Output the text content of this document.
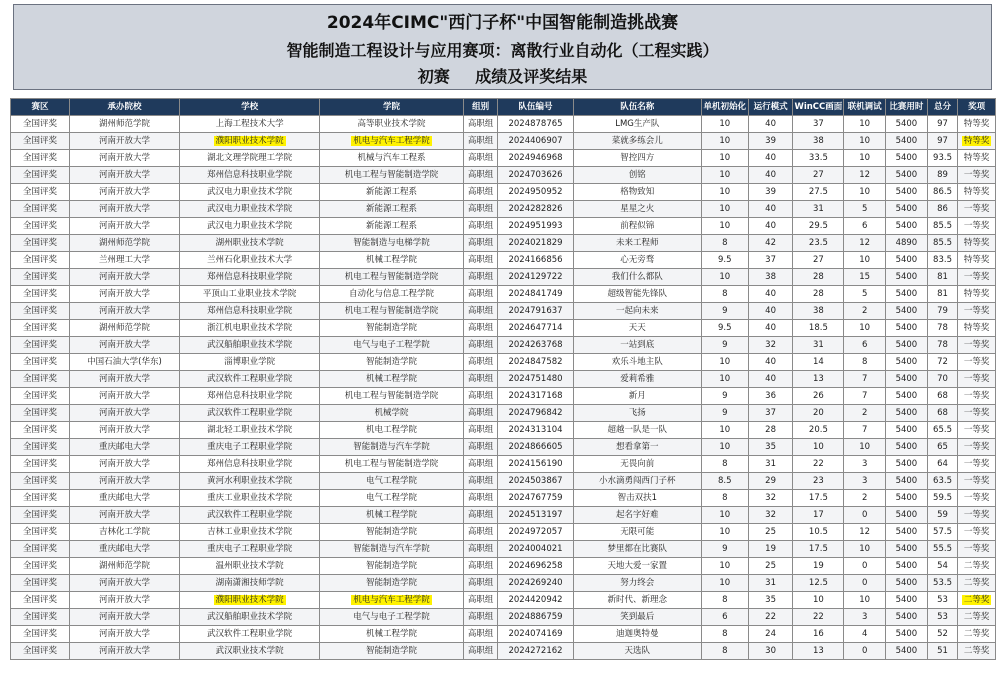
2024年CIMC"西门子杯"中国智能制造挑战赛
智能制造工程设计与应用赛项：离散行业自动化（工程实践）
初赛 成绩及评奖结果
赛区	承办院校	学校	学院	组别	队伍编号	队伍名称	单机初始化	运行模式	WinCC画面	联机调试	比赛用时	总分	奖项
全国评奖	湖州师范学院	上海工程技术大学	高等职业技术学院	高职组	2024878765	LMG生产队	10	40	37	10	5400	97	特等奖
全国评奖	河南开放大学	濮阳职业技术学院	机电与汽车工程学院	高职组	2024406907	菜就多练会儿	10	39	38	10	5400	97	特等奖
全国评奖	河南开放大学	湖北文理学院理工学院	机械与汽车工程系	高职组	2024946968	智控四方	10	40	33.5	10	5400	93.5	特等奖
全国评奖	河南开放大学	郑州信息科技职业学院	机电工程与智能制造学院	高职组	2024703626	创铭	10	40	27	12	5400	89	一等奖
全国评奖	河南开放大学	武汉电力职业技术学院	新能源工程系	高职组	2024950952	格物致知	10	39	27.5	10	5400	86.5	特等奖
全国评奖	河南开放大学	武汉电力职业技术学院	新能源工程系	高职组	2024282826	星星之火	10	40	31	5	5400	86	一等奖
全国评奖	河南开放大学	武汉电力职业技术学院	新能源工程系	高职组	2024951993	前程似锦	10	40	29.5	6	5400	85.5	一等奖
全国评奖	湖州师范学院	湖州职业技术学院	智能制造与电梯学院	高职组	2024021829	未来工程师	8	42	23.5	12	4890	85.5	特等奖
全国评奖	兰州理工大学	兰州石化职业技术大学	机械工程学院	高职组	2024166856	心无旁骛	9.5	37	27	10	5400	83.5	特等奖
全国评奖	河南开放大学	郑州信息科技职业学院	机电工程与智能制造学院	高职组	2024129722	我们什么都队	10	38	28	15	5400	81	一等奖
全国评奖	河南开放大学	平顶山工业职业技术学院	自动化与信息工程学院	高职组	2024841749	超级智能先锋队	8	40	28	5	5400	81	特等奖
全国评奖	河南开放大学	郑州信息科技职业学院	机电工程与智能制造学院	高职组	2024791637	一起向未来	9	40	38	2	5400	79	一等奖
全国评奖	湖州师范学院	浙江机电职业技术学院	智能制造学院	高职组	2024647714	天天	9.5	40	18.5	10	5400	78	特等奖
全国评奖	河南开放大学	武汉船舶职业技术学院	电气与电子工程学院	高职组	2024263768	一站到底	9	32	31	6	5400	78	一等奖
全国评奖	中国石油大学(华东)	淄博职业学院	智能制造学院	高职组	2024847582	欢乐斗地主队	10	40	14	8	5400	72	一等奖
全国评奖	河南开放大学	武汉软件工程职业学院	机械工程学院	高职组	2024751480	爱莉希雅	10	40	13	7	5400	70	一等奖
全国评奖	河南开放大学	郑州信息科技职业学院	机电工程与智能制造学院	高职组	2024317168	新月	9	36	26	7	5400	68	一等奖
全国评奖	河南开放大学	武汉软件工程职业学院	机械学院	高职组	2024796842	飞扬	9	37	20	2	5400	68	一等奖
全国评奖	河南开放大学	湖北轻工职业技术学院	机电工程学院	高职组	2024313104	超越一队是一队	10	28	20.5	7	5400	65.5	一等奖
全国评奖	重庆邮电大学	重庆电子工程职业学院	智能制造与汽车学院	高职组	2024866605	想看拿第一	10	35	10	10	5400	65	一等奖
全国评奖	河南开放大学	郑州信息科技职业学院	机电工程与智能制造学院	高职组	2024156190	无畏向前	8	31	22	3	5400	64	一等奖
全国评奖	河南开放大学	黄河水利职业技术学院	电气工程学院	高职组	2024503867	小水滴勇闯西门子杯	8.5	29	23	3	5400	63.5	一等奖
全国评奖	重庆邮电大学	重庆工业职业技术学院	电气工程学院	高职组	2024767759	智击双扶1	8	32	17.5	2	5400	59.5	一等奖
全国评奖	河南开放大学	武汉软件工程职业学院	机械工程学院	高职组	2024513197	起名字好难	10	32	17	0	5400	59	一等奖
全国评奖	吉林化工学院	吉林工业职业技术学院	智能制造学院	高职组	2024972057	无限可能	10	25	10.5	12	5400	57.5	一等奖
全国评奖	重庆邮电大学	重庆电子工程职业学院	智能制造与汽车学院	高职组	2024004021	梦里都在比赛队	9	19	17.5	10	5400	55.5	一等奖
全国评奖	湖州师范学院	温州职业技术学院	智能制造学院	高职组	2024696258	天地大爱一家置	10	25	19	0	5400	54	二等奖
全国评奖	河南开放大学	湖南潇湘技师学院	智能制造学院	高职组	2024269240	努力终会	10	31	12.5	0	5400	53.5	二等奖
全国评奖	河南开放大学	濮阳职业技术学院	机电与汽车工程学院	高职组	2024420942	新时代、新理念	8	35	10	10	5400	53	二等奖
全国评奖	河南开放大学	武汉船舶职业技术学院	电气与电子工程学院	高职组	2024886759	笑到最后	6	22	22	3	5400	53	二等奖
全国评奖	河南开放大学	武汉软件工程职业学院	机械工程学院	高职组	2024074169	迪迦奥特曼	8	24	16	4	5400	52	二等奖
全国评奖	河南开放大学	武汉职业技术学院	智能制造学院	高职组	2024272162	天选队	8	30	13	0	5400	51	二等奖
